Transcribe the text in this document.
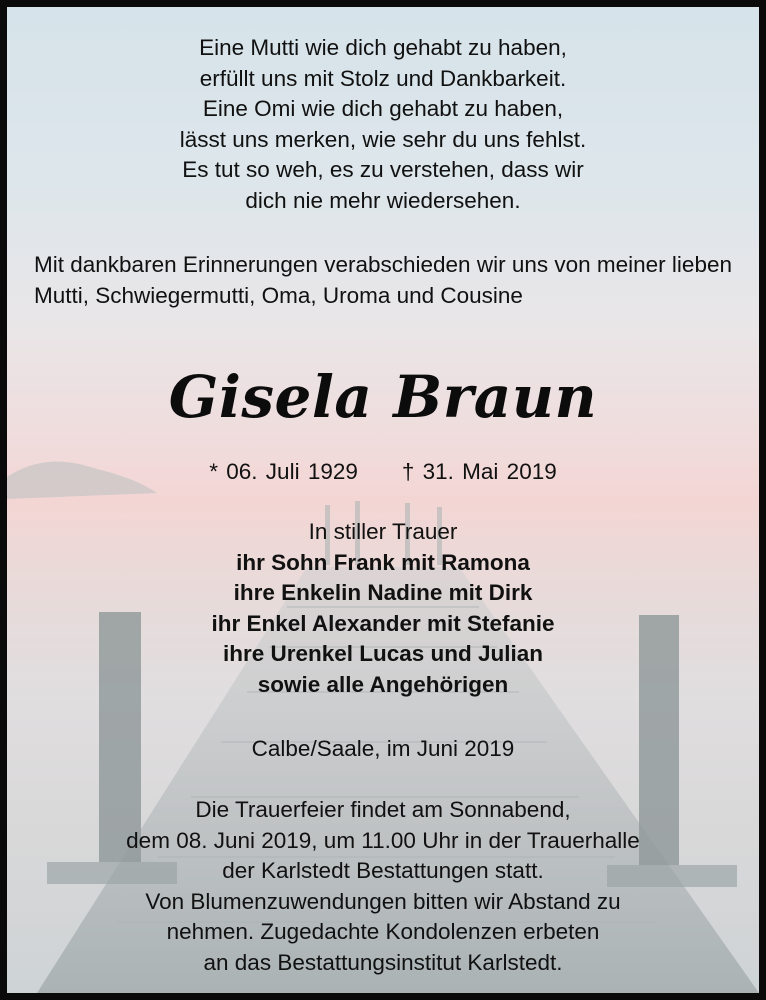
Eine Mutti wie dich gehabt zu haben,
erfüllt uns mit Stolz und Dankbarkeit.
Eine Omi wie dich gehabt zu haben,
lässt uns merken, wie sehr du uns fehlst.
Es tut so weh, es zu verstehen, dass wir
dich nie mehr wiedersehen.
Mit dankbaren Erinnerungen verabschieden wir uns von meiner lieben Mutti, Schwiegermutti, Oma, Uroma und Cousine
Gisela Braun
* 06. Juli 1929 † 31. Mai 2019
In stiller Trauer
ihr Sohn Frank mit Ramona
ihre Enkelin Nadine mit Dirk
ihr Enkel Alexander mit Stefanie
ihre Urenkel Lucas und Julian
sowie alle Angehörigen
Calbe/Saale, im Juni 2019
Die Trauerfeier findet am Sonnabend,
dem 08. Juni 2019, um 11.00 Uhr in der Trauerhalle
der Karlstedt Bestattungen statt.
Von Blumenzuwendungen bitten wir Abstand zu
nehmen. Zugedachte Kondolenzen erbeten
an das Bestattungsinstitut Karlstedt.
